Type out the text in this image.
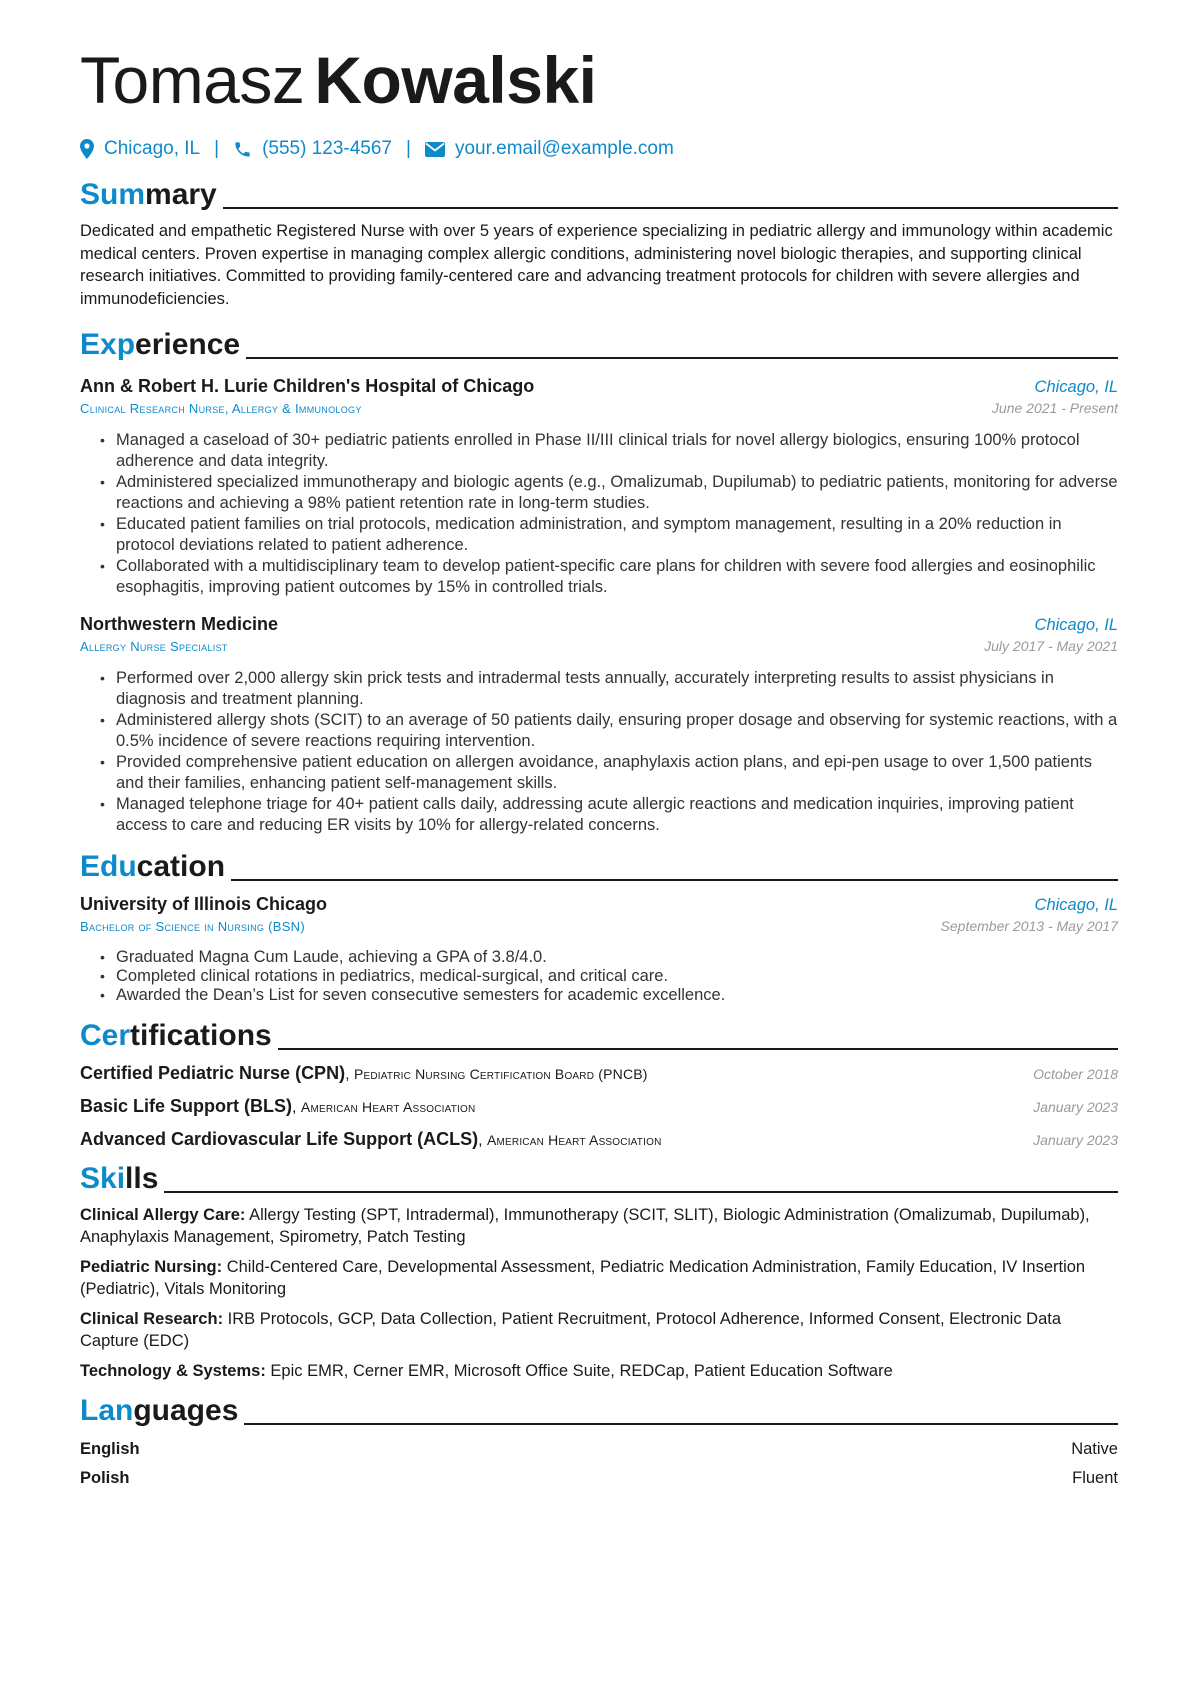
Tomasz Kowalski
Chicago, IL | (555) 123-4567 | your.email@example.com
Summary

Dedicated and empathetic Registered Nurse with over 5 years of experience specializing in pediatric allergy and immunology within academic medical centers. Proven expertise in managing complex allergic conditions, administering novel biologic therapies, and supporting clinical research initiatives. Committed to providing family-centered care and advancing treatment protocols for children with severe allergies and immunodeficiencies.

Experience
Ann & Robert H. Lurie Children's Hospital of Chicago	Chicago, IL
Clinical Research Nurse, Allergy & Immunology	June 2021 - Present
• Managed a caseload of 30+ pediatric patients enrolled in Phase II/III clinical trials for novel allergy biologics, ensuring 100% protocol adherence and data integrity.
• Administered specialized immunotherapy and biologic agents (e.g., Omalizumab, Dupilumab) to pediatric patients, monitoring for adverse reactions and achieving a 98% patient retention rate in long-term studies.
• Educated patient families on trial protocols, medication administration, and symptom management, resulting in a 20% reduction in protocol deviations related to patient adherence.
• Collaborated with a multidisciplinary team to develop patient-specific care plans for children with severe food allergies and eosinophilic esophagitis, improving patient outcomes by 15% in controlled trials.
Northwestern Medicine	Chicago, IL
Allergy Nurse Specialist	July 2017 - May 2021
• Performed over 2,000 allergy skin prick tests and intradermal tests annually, accurately interpreting results to assist physicians in diagnosis and treatment planning.
• Administered allergy shots (SCIT) to an average of 50 patients daily, ensuring proper dosage and observing for systemic reactions, with a 0.5% incidence of severe reactions requiring intervention.
• Provided comprehensive patient education on allergen avoidance, anaphylaxis action plans, and epi-pen usage to over 1,500 patients and their families, enhancing patient self-management skills.
• Managed telephone triage for 40+ patient calls daily, addressing acute allergic reactions and medication inquiries, improving patient access to care and reducing ER visits by 10% for allergy-related concerns.
Education
University of Illinois Chicago	Chicago, IL
Bachelor of Science in Nursing (BSN)	September 2013 - May 2017
• Graduated Magna Cum Laude, achieving a GPA of 3.8/4.0.
• Completed clinical rotations in pediatrics, medical-surgical, and critical care.
• Awarded the Dean’s List for seven consecutive semesters for academic excellence.
Certifications
Certified Pediatric Nurse (CPN), Pediatric Nursing Certification Board (PNCB)	October 2018
Basic Life Support (BLS), American Heart Association	January 2023
Advanced Cardiovascular Life Support (ACLS), American Heart Association	January 2023
Skills

Clinical Allergy Care: Allergy Testing (SPT, Intradermal), Immunotherapy (SCIT, SLIT), Biologic Administration (Omalizumab, Dupilumab), Anaphylaxis Management, Spirometry, Patch Testing

Pediatric Nursing: Child-Centered Care, Developmental Assessment, Pediatric Medication Administration, Family Education, IV Insertion (Pediatric), Vitals Monitoring

Clinical Research: IRB Protocols, GCP, Data Collection, Patient Recruitment, Protocol Adherence, Informed Consent, Electronic Data Capture (EDC)

Technology & Systems: Epic EMR, Cerner EMR, Microsoft Office Suite, REDCap, Patient Education Software

Languages
English	Native
Polish	Fluent
